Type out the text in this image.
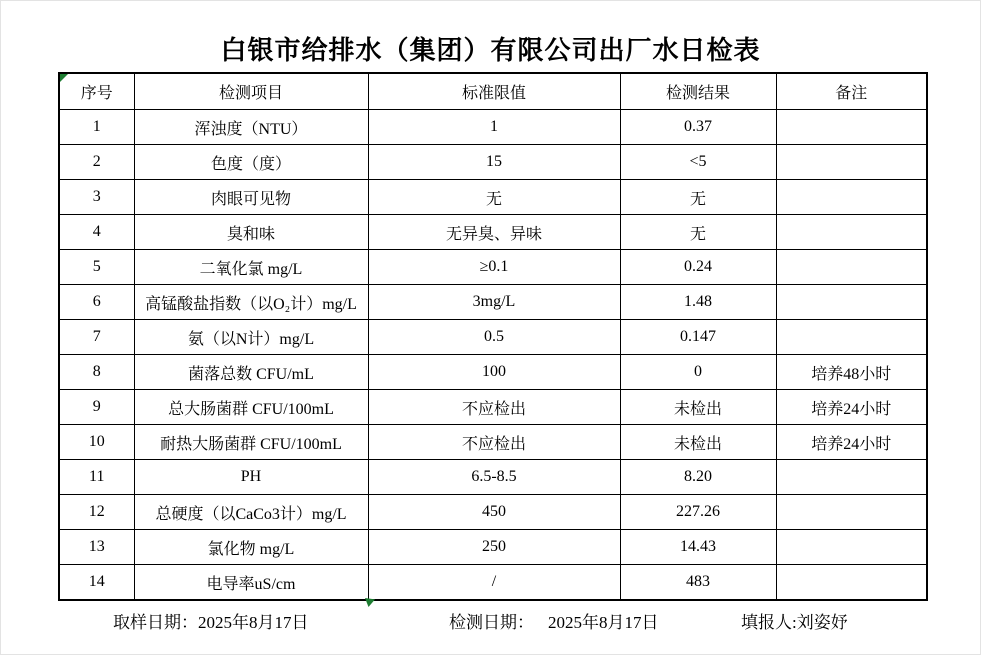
白银市给排水（集团）有限公司出厂水日检表
序号	检测项目	标准限值	检测结果	备注
1	浑浊度（NTU）	1	0.37	
2	色度（度）	15	<5	
3	肉眼可见物	无	无	
4	臭和味	无异臭、异味	无	
5	二氧化氯 mg/L	≥0.1	0.24	
6	高锰酸盐指数（以O₂计）mg/L	3mg/L	1.48	
7	氨（以N计）mg/L	0.5	0.147	
8	菌落总数 CFU/mL	100	0	培养48小时
9	总大肠菌群 CFU/100mL	不应检出	未检出	培养24小时
10	耐热大肠菌群 CFU/100mL	不应检出	未检出	培养24小时
11	PH	6.5-8.5	8.20	
12	总硬度（以CaCo3计）mg/L	450	227.26	
13	氯化物 mg/L	250	14.43	
14	电导率uS/cm	/	483	
取样日期：2025年8月17日	检测日期： 2025年8月17日	填报人:刘姿妤
